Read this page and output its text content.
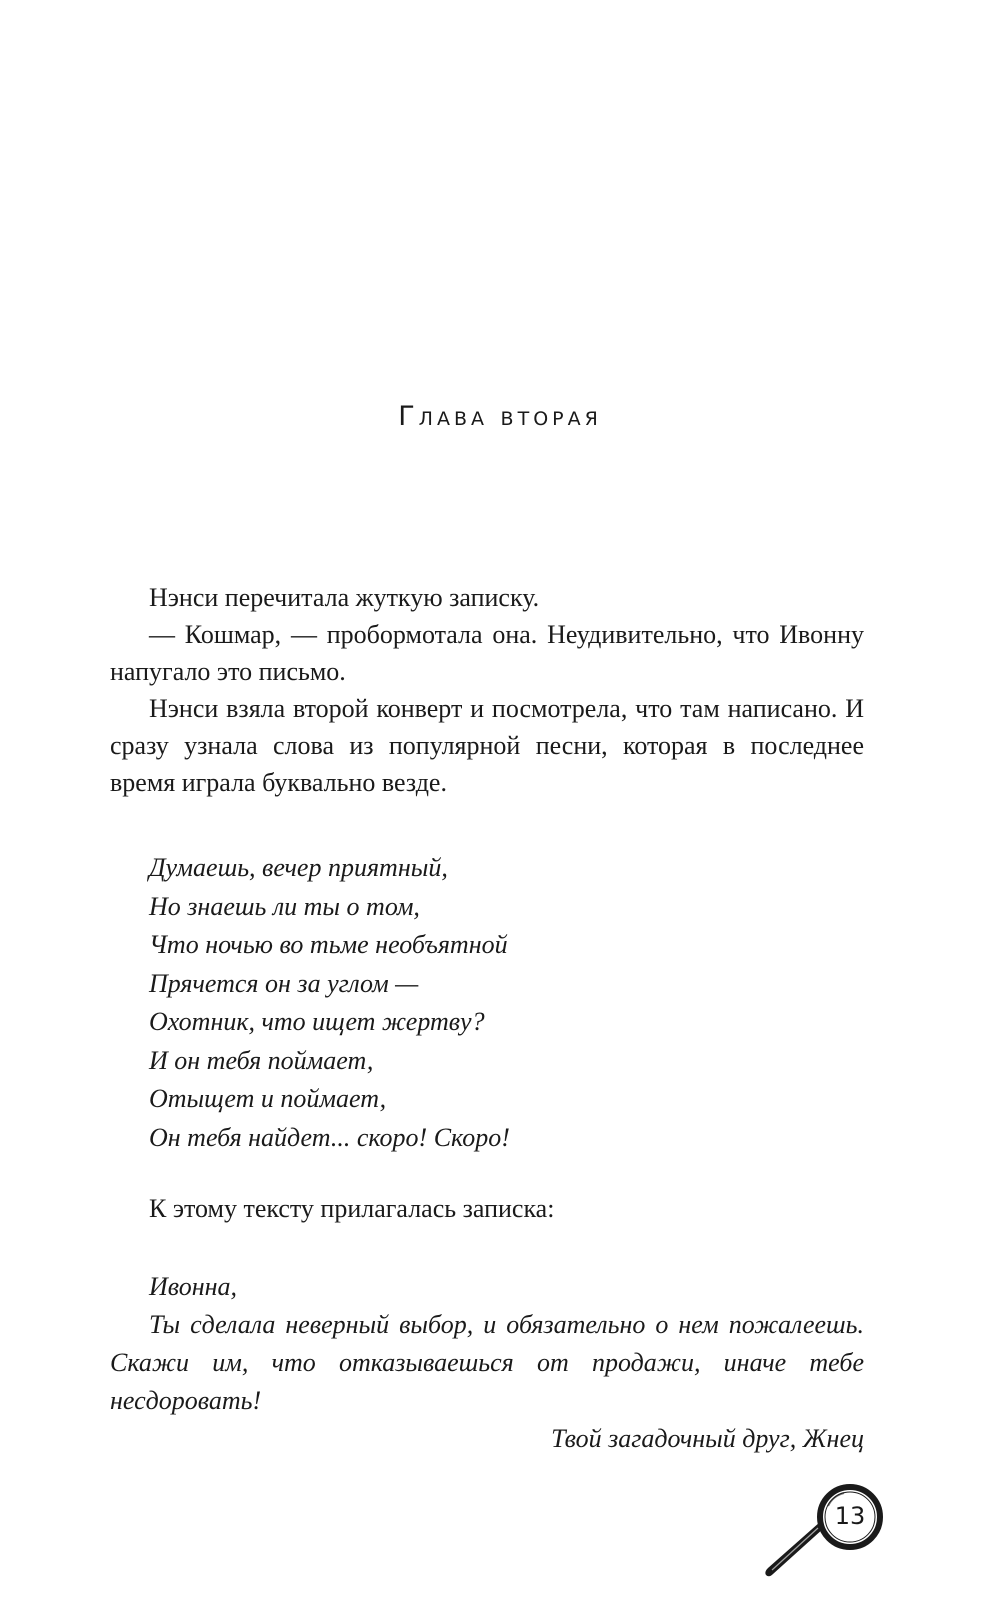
Глава вторая

Нэнси перечитала жуткую записку.

— Кошмар, — пробормотала она. Неудивительно, что Ивонну напугало это письмо.

Нэнси взяла второй конверт и посмотрела, что там написано. И сразу узнала слова из популярной песни, которая в последнее время играла буквально везде.

Думаешь, вечер приятный,
Но знаешь ли ты о том,
Что ночью во тьме необъятной
Прячется он за углом —
Охотник, что ищет жертву?
И он тебя поймает,
Отыщет и поймает,
Он тебя найдет... скоро! Скоро!
К этому тексту прилагалась записка:
Ивонна,

Ты сделала неверный выбор, и обязательно о нем пожалеешь. Скажи им, что отказываешься от продажи, иначе тебе несдоровать!

Твой загадочный друг, Жнец
13
